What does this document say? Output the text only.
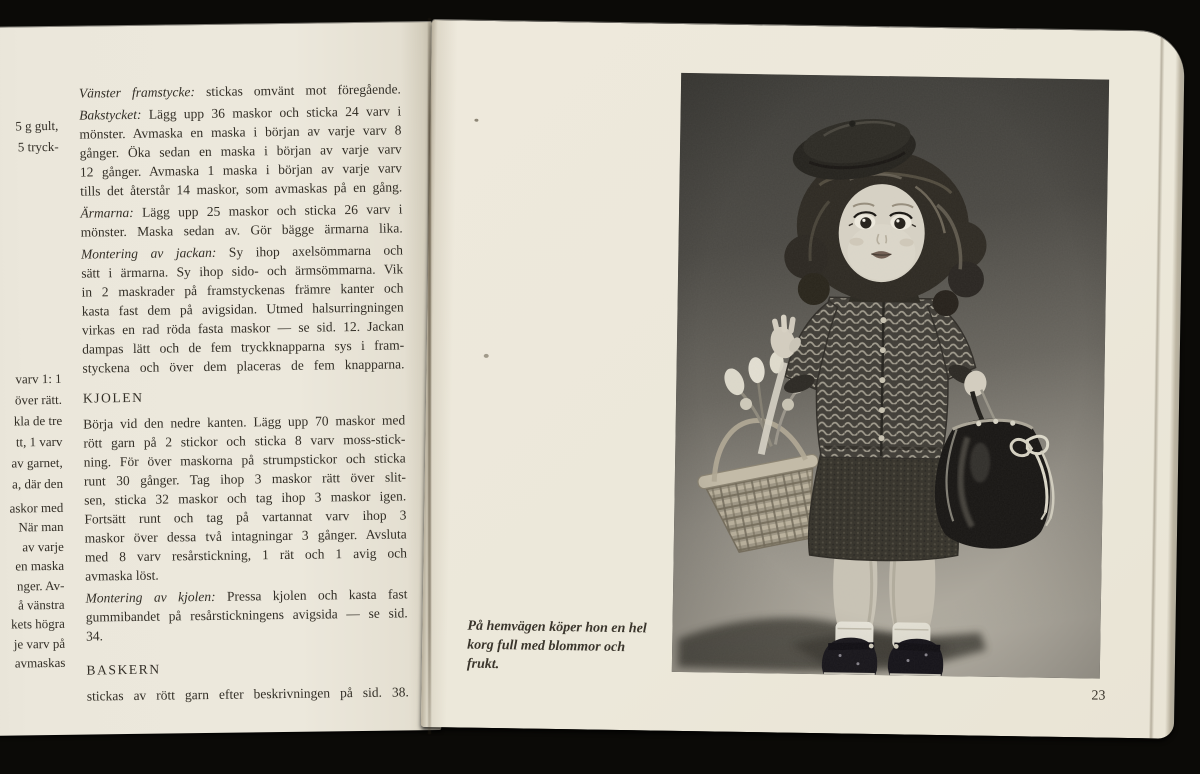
5 g gult,
5 tryck-
varv 1: 1
över rätt.
kla de tre
tt, 1 varv
av garnet,
a, där den
askor med
När man
av varje
en maska
nger. Av-
å vänstra
kets högra
je varv på
avmaskas
Vänster framstycke: stickas omvänt mot föregående.
Bakstycket: Lägg upp 36 maskor och sticka 24 varv i
mönster. Avmaska en maska i början av varje varv 8
gånger. Öka sedan en maska i början av varje varv
12 gånger. Avmaska 1 maska i början av varje varv
tills det återstår 14 maskor, som avmaskas på en gång.
Ärmarna: Lägg upp 25 maskor och sticka 26 varv i
mönster. Maska sedan av. Gör bägge ärmarna lika.
Montering av jackan: Sy ihop axelsömmarna och
sätt i ärmarna. Sy ihop sido- och ärmsömmarna. Vik
in 2 maskrader på framstyckenas främre kanter och
kasta fast dem på avigsidan. Utmed halsurringningen
virkas en rad röda fasta maskor — se sid. 12. Jackan
dampas lätt och de fem tryckknapparna sys i fram-
styckena och över dem placeras de fem knapparna.
KJOLEN
Börja vid den nedre kanten. Lägg upp 70 maskor med
rött garn på 2 stickor och sticka 8 varv moss-stick-
ning. För över maskorna på strumpstickor och sticka
runt 30 gånger. Tag ihop 3 maskor rätt över slit-
sen, sticka 32 maskor och tag ihop 3 maskor igen.
Fortsätt runt och tag på vartannat varv ihop 3
maskor över dessa två intagningar 3 gånger. Avsluta
med 8 varv resårstickning, 1 rät och 1 avig och
avmaska löst.
Montering av kjolen: Pressa kjolen och kasta fast
gummibandet på resårstickningens avigsida — se sid.
34.
BASKERN
stickas av rött garn efter beskrivningen på sid. 38.
På hemvägen köper hon en hel
korg full med blommor och
frukt.
23
